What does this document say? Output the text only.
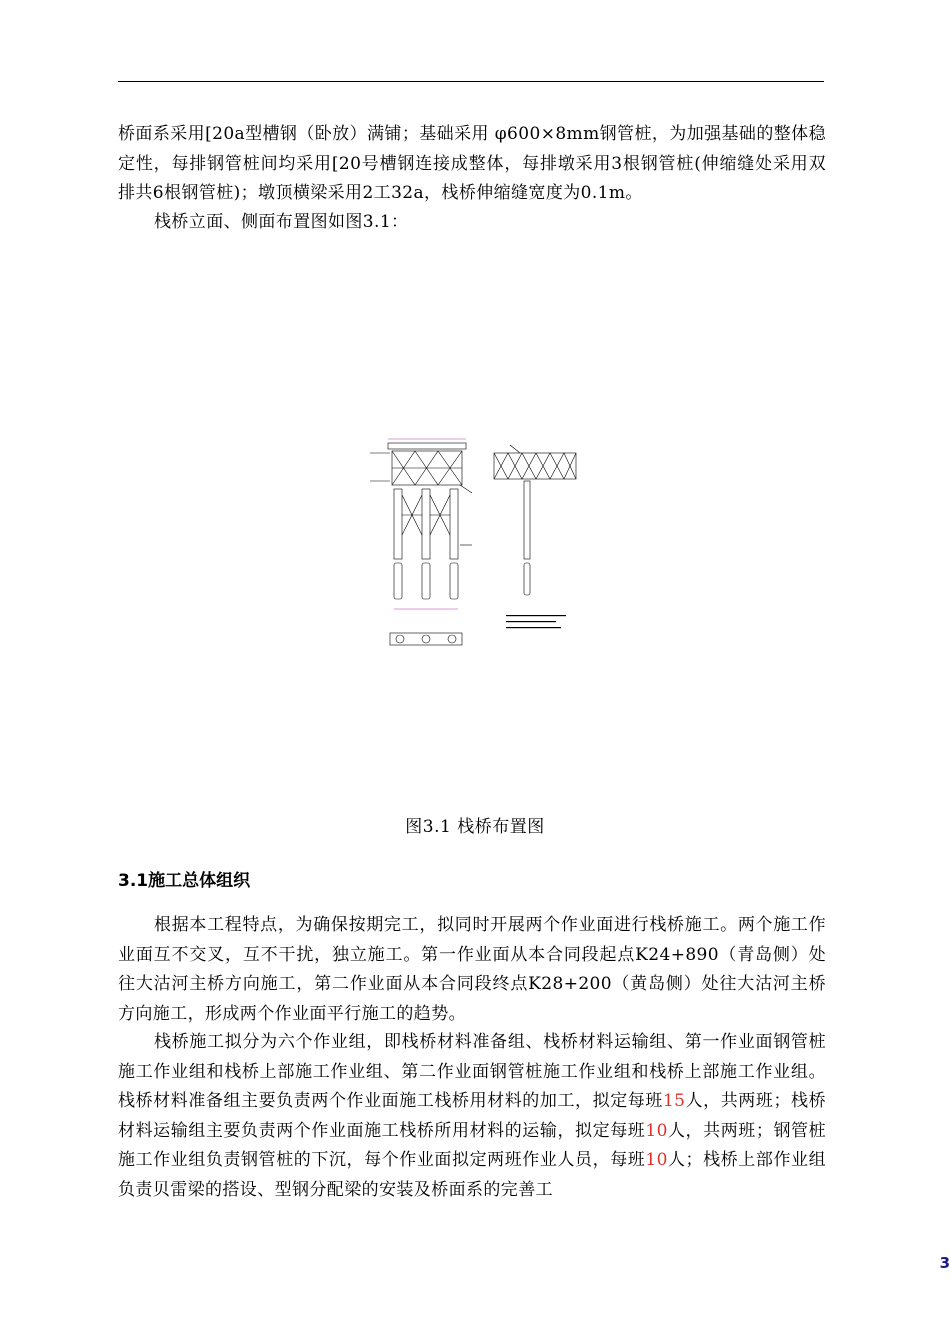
桥面系采用[20a型槽钢（卧放）满铺；基础采用 φ600×8mm钢管桩，为加强基础的整体稳定性，每排钢管桩间均采用[20号槽钢连接成整体，每排墩采用3根钢管桩(伸缩缝处采用双排共6根钢管桩)；墩顶横梁采用2工32a，栈桥伸缩缝宽度为0.1m。
栈桥立面、侧面布置图如图3.1：
图3.1 栈桥布置图
3.1施工总体组织
根据本工程特点，为确保按期完工，拟同时开展两个作业面进行栈桥施工。两个施工作业面互不交叉，互不干扰，独立施工。第一作业面从本合同段起点K24+890（青岛侧）处往大沽河主桥方向施工，第二作业面从本合同段终点K28+200（黄岛侧）处往大沽河主桥方向施工，形成两个作业面平行施工的趋势。
栈桥施工拟分为六个作业组，即栈桥材料准备组、栈桥材料运输组、第一作业面钢管桩施工作业组和栈桥上部施工作业组、第二作业面钢管桩施工作业组和栈桥上部施工作业组。栈桥材料准备组主要负责两个作业面施工栈桥用材料的加工，拟定每班15人，共两班；栈桥材料运输组主要负责两个作业面施工栈桥所用材料的运输，拟定每班10人，共两班；钢管桩施工作业组负责钢管桩的下沉，每个作业面拟定两班作业人员，每班10人；栈桥上部作业组负责贝雷梁的搭设、型钢分配梁的安装及桥面系的完善工
3
